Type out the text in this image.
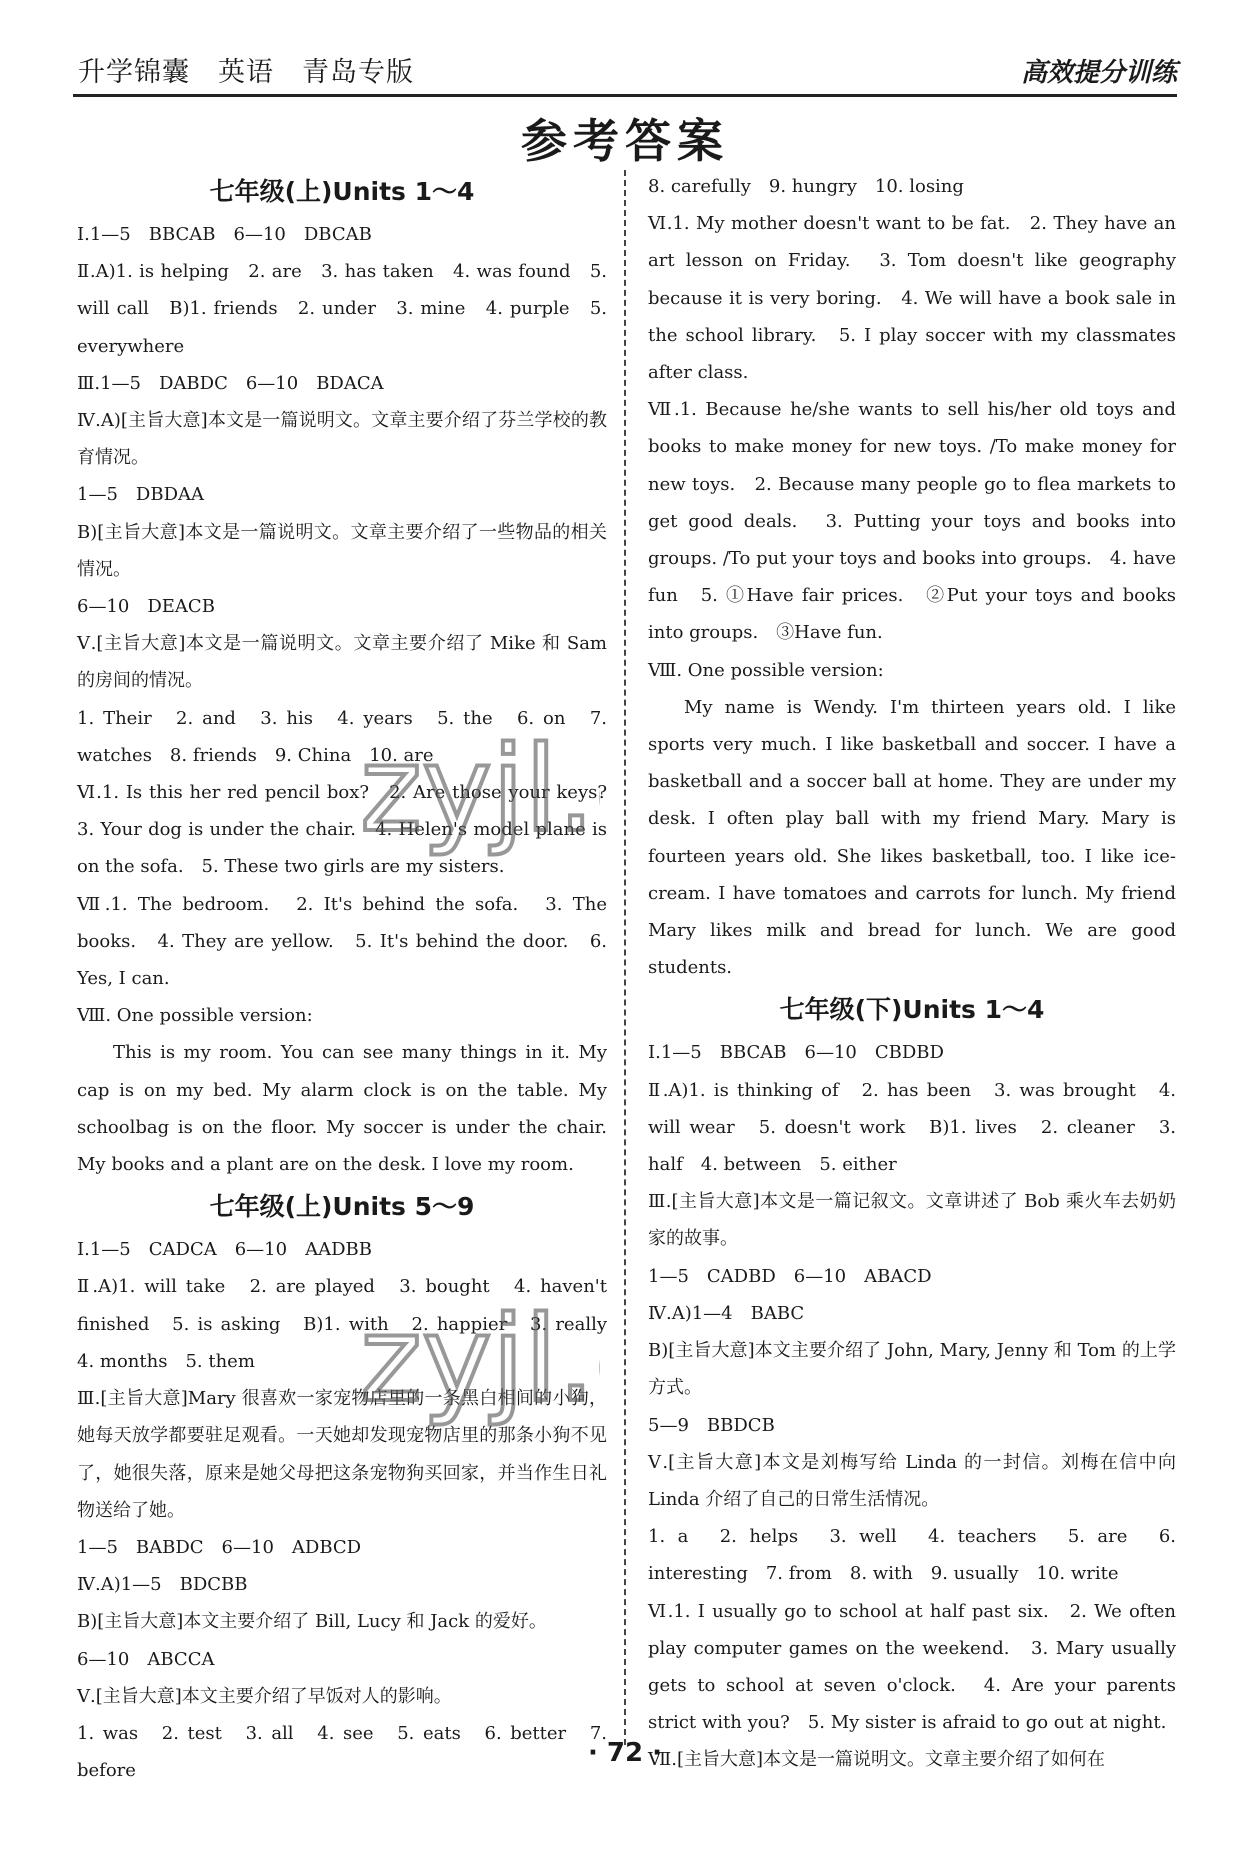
升学锦囊 英语 青岛专版	高效提分训练
参考答案
七年级(上)Units 1～4

Ⅰ.1—5　BBCAB　6—10　DBCAB

Ⅱ.A)1. is helping　2. are　3. has taken　4. was found　5. will call　B)1. friends　2. under　3. mine　4. purple　5. everywhere

Ⅲ.1—5　DABDC　6—10　BDACA

Ⅳ.A)[主旨大意]本文是一篇说明文。文章主要介绍了芬兰学校的教育情况。

1—5　DBDAA

B)[主旨大意]本文是一篇说明文。文章主要介绍了一些物品的相关情况。

6—10　DEACB

Ⅴ.[主旨大意]本文是一篇说明文。文章主要介绍了 Mike 和 Sam 的房间的情况。

1. Their　2. and　3. his　4. years　5. the　6. on　7. watches　8. friends　9. China　10. are

Ⅵ.1. Is this her red pencil box?　2. Are those your keys?　3. Your dog is under the chair.　4. Helen's model plane is on the sofa.　5. These two girls are my sisters.

Ⅶ.1. The bedroom.　2. It's behind the sofa.　3. The books.　4. They are yellow.　5. It's behind the door.　6. Yes, I can.

Ⅷ. One possible version:

This is my room. You can see many things in it. My cap is on my bed. My alarm clock is on the table. My schoolbag is on the floor. My soccer is under the chair. My books and a plant are on the desk. I love my room.

七年级(上)Units 5～9

Ⅰ.1—5　CADCA　6—10　AADBB

Ⅱ.A)1. will take　2. are played　3. bought　4. haven't finished　5. is asking　B)1. with　2. happier　3. really　4. months　5. them

Ⅲ.[主旨大意]Mary 很喜欢一家宠物店里的一条黑白相间的小狗，她每天放学都要驻足观看。一天她却发现宠物店里的那条小狗不见了，她很失落，原来是她父母把这条宠物狗买回家，并当作生日礼物送给了她。

1—5　BABDC　6—10　ADBCD

Ⅳ.A)1—5　BDCBB

B)[主旨大意]本文主要介绍了 Bill, Lucy 和 Jack 的爱好。

6—10　ABCCA

Ⅴ.[主旨大意]本文主要介绍了早饭对人的影响。

1. was　2. test　3. all　4. see　5. eats　6. better　7. before

8. carefully　9. hungry　10. losing

Ⅵ.1. My mother doesn't want to be fat.　2. They have an art lesson on Friday.　3. Tom doesn't like geography because it is very boring.　4. We will have a book sale in the school library.　5. I play soccer with my classmates after class.

Ⅶ.1. Because he/she wants to sell his/her old toys and books to make money for new toys. /To make money for new toys.　2. Because many people go to flea markets to get good deals.　3. Putting your toys and books into groups. /To put your toys and books into groups.　4. have fun　5. ①Have fair prices.　②Put your toys and books into groups.　③Have fun.

Ⅷ. One possible version:

My name is Wendy. I'm thirteen years old. I like sports very much. I like basketball and soccer. I have a basketball and a soccer ball at home. They are under my desk. I often play ball with my friend Mary. Mary is fourteen years old. She likes basketball, too. I like ice-cream. I have tomatoes and carrots for lunch. My friend Mary likes milk and bread for lunch. We are good students.

七年级(下)Units 1～4

Ⅰ.1—5　BBCAB　6—10　CBDBD

Ⅱ.A)1. is thinking of　2. has been　3. was brought　4. will wear　5. doesn't work　B)1. lives　2. cleaner　3. half　4. between　5. either

Ⅲ.[主旨大意]本文是一篇记叙文。文章讲述了 Bob 乘火车去奶奶家的故事。

1—5　CADBD　6—10　ABACD

Ⅳ.A)1—4　BABC

B)[主旨大意]本文主要介绍了 John, Mary, Jenny 和 Tom 的上学方式。

5—9　BBDCB

Ⅴ.[主旨大意]本文是刘梅写给 Linda 的一封信。刘梅在信中向 Linda 介绍了自己的日常生活情况。

1. a　2. helps　3. well　4. teachers　5. are　6. interesting　7. from　8. with　9. usually　10. write

Ⅵ.1. I usually go to school at half past six.　2. We often play computer games on the weekend.　3. Mary usually gets to school at seven o'clock.　4. Are your parents strict with you?　5. My sister is afraid to go out at night.

Ⅶ.[主旨大意]本文是一篇说明文。文章主要介绍了如何在

zyjl.
zyjl.
· 72 ·
